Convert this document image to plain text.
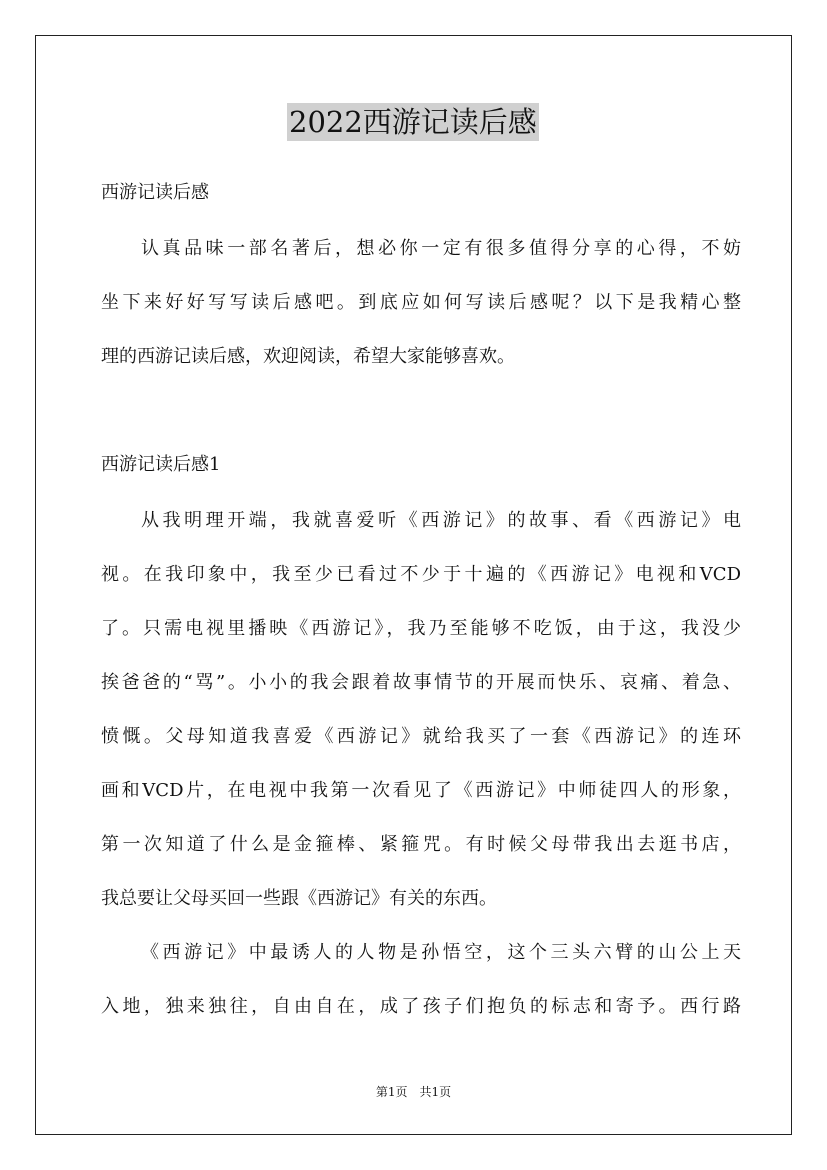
2022西游记读后感
西游记读后感
认真品味一部名著后，想必你一定有很多值得分享的心得，不妨
坐下来好好写写读后感吧。到底应如何写读后感呢？以下是我精心整
理的西游记读后感，欢迎阅读，希望大家能够喜欢。
西游记读后感1
从我明理开端，我就喜爱听《西游记》的故事、看《西游记》电
视。在我印象中，我至少已看过不少于十遍的《西游记》电视和VCD
了。只需电视里播映《西游记》，我乃至能够不吃饭，由于这，我没少
挨爸爸的“骂”。小小的我会跟着故事情节的开展而快乐、哀痛、着急、
愤慨。父母知道我喜爱《西游记》就给我买了一套《西游记》的连环
画和VCD片，在电视中我第一次看见了《西游记》中师徒四人的形象，
第一次知道了什么是金箍棒、紧箍咒。有时候父母带我出去逛书店，
我总要让父母买回一些跟《西游记》有关的东西。
《西游记》中最诱人的人物是孙悟空，这个三头六臂的山公上天
入地，独来独往，自由自在，成了孩子们抱负的标志和寄予。西行路
第1页　共1页
